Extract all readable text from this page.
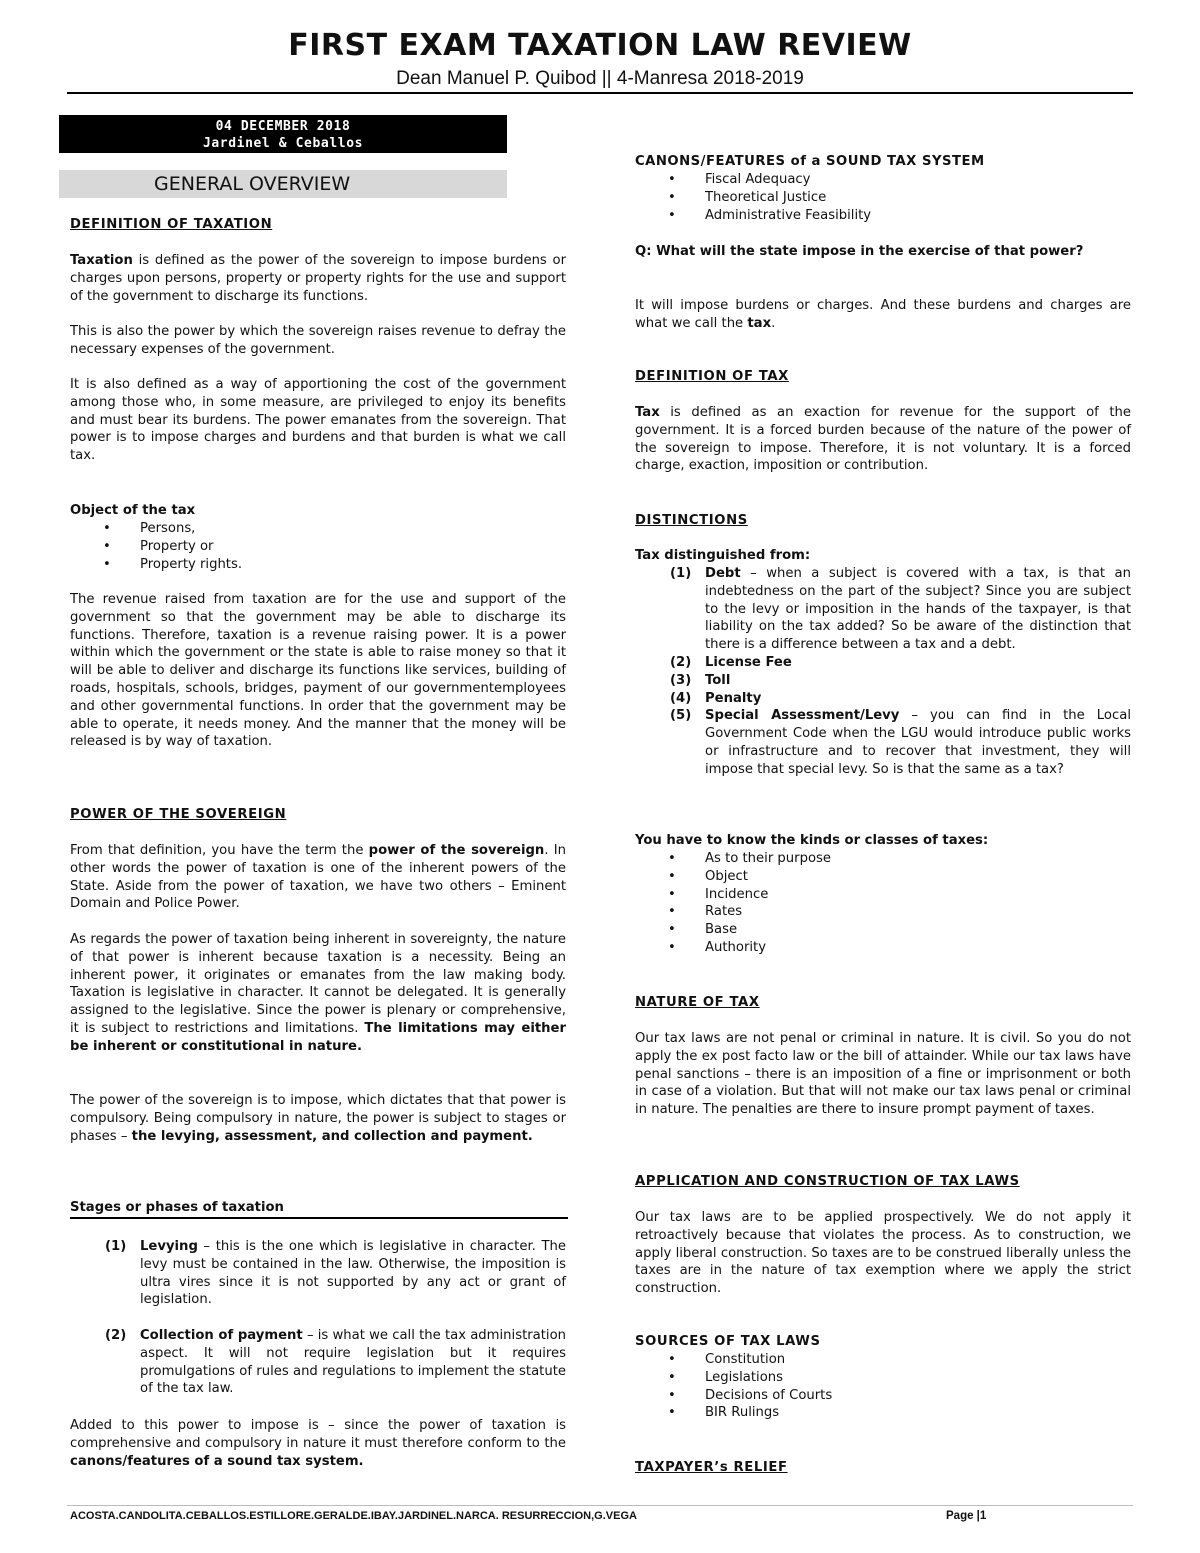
FIRST EXAM TAXATION LAW REVIEW
Dean Manuel P. Quibod || 4-Manresa 2018-2019
04 DECEMBER 2018
Jardinel & Ceballos
GENERAL OVERVIEW
DEFINITION OF TAXATION

Taxation is defined as the power of the sovereign to impose burdens or charges upon persons, property or property rights for the use and support of the government to discharge its functions.

This is also the power by which the sovereign raises revenue to defray the necessary expenses of the government.

It is also defined as a way of apportioning the cost of the government among those who, in some measure, are privileged to enjoy its benefits and must bear its burdens. The power emanates from the sovereign. That power is to impose charges and burdens and that burden is what we call tax.

Object of the tax
• Persons,
• Property or
• Property rights.

The revenue raised from taxation are for the use and support of the government so that the government may be able to discharge its functions. Therefore, taxation is a revenue raising power. It is a power within which the government or the state is able to raise money so that it will be able to deliver and discharge its functions like services, building of roads, hospitals, schools, bridges, payment of our governmentemployees and other governmental functions. In order that the government may be able to operate, it needs money. And the manner that the money will be released is by way of taxation.

POWER OF THE SOVEREIGN

From that definition, you have the term the power of the sovereign. In other words the power of taxation is one of the inherent powers of the State. Aside from the power of taxation, we have two others – Eminent Domain and Police Power.

As regards the power of taxation being inherent in sovereignty, the nature of that power is inherent because taxation is a necessity. Being an inherent power, it originates or emanates from the law making body. Taxation is legislative in character. It cannot be delegated. It is generally assigned to the legislative. Since the power is plenary or comprehensive, it is subject to restrictions and limitations. The limitations may either be inherent or constitutional in nature.

The power of the sovereign is to impose, which dictates that that power is compulsory. Being compulsory in nature, the power is subject to stages or phases – the levying, assessment, and collection and payment.

Stages or phases of taxation
(1) Levying – this is the one which is legislative in character. The levy must be contained in the law. Otherwise, the imposition is ultra vires since it is not supported by any act or grant of legislation.
(2) Collection of payment – is what we call the tax administration aspect. It will not require legislation but it requires promulgations of rules and regulations to implement the statute of the tax law.

Added to this power to impose is – since the power of taxation is comprehensive and compulsory in nature it must therefore conform to the canons/features of a sound tax system.

CANONS/FEATURES of a SOUND TAX SYSTEM
• Fiscal Adequacy
• Theoretical Justice
• Administrative Feasibility

Q: What will the state impose in the exercise of that power?

It will impose burdens or charges. And these burdens and charges are what we call the tax.

DEFINITION OF TAX

Tax is defined as an exaction for revenue for the support of the government. It is a forced burden because of the nature of the power of the sovereign to impose. Therefore, it is not voluntary. It is a forced charge, exaction, imposition or contribution.

DISTINCTIONS
Tax distinguished from:
(1) Debt – when a subject is covered with a tax, is that an indebtedness on the part of the subject? Since you are subject to the levy or imposition in the hands of the taxpayer, is that liability on the tax added? So be aware of the distinction that there is a difference between a tax and a debt.
(2) License Fee
(3) Toll
(4) Penalty
(5) Special Assessment/Levy – you can find in the Local Government Code when the LGU would introduce public works or infrastructure and to recover that investment, they will impose that special levy. So is that the same as a tax?
You have to know the kinds or classes of taxes:
• As to their purpose
• Object
• Incidence
• Rates
• Base
• Authority
NATURE OF TAX

Our tax laws are not penal or criminal in nature. It is civil. So you do not apply the ex post facto law or the bill of attainder. While our tax laws have penal sanctions – there is an imposition of a fine or imprisonment or both in case of a violation. But that will not make our tax laws penal or criminal in nature. The penalties are there to insure prompt payment of taxes.

APPLICATION AND CONSTRUCTION OF TAX LAWS

Our tax laws are to be applied prospectively. We do not apply it retroactively because that violates the process. As to construction, we apply liberal construction. So taxes are to be construed liberally unless the taxes are in the nature of tax exemption where we apply the strict construction.

SOURCES OF TAX LAWS
• Constitution
• Legislations
• Decisions of Courts
• BIR Rulings
TAXPAYER’s RELIEF
ACOSTA.CANDOLITA.CEBALLOS.ESTILLORE.GERALDE.IBAY.JARDINEL.NARCA. RESURRECCION,G.VEGA	Page |1
